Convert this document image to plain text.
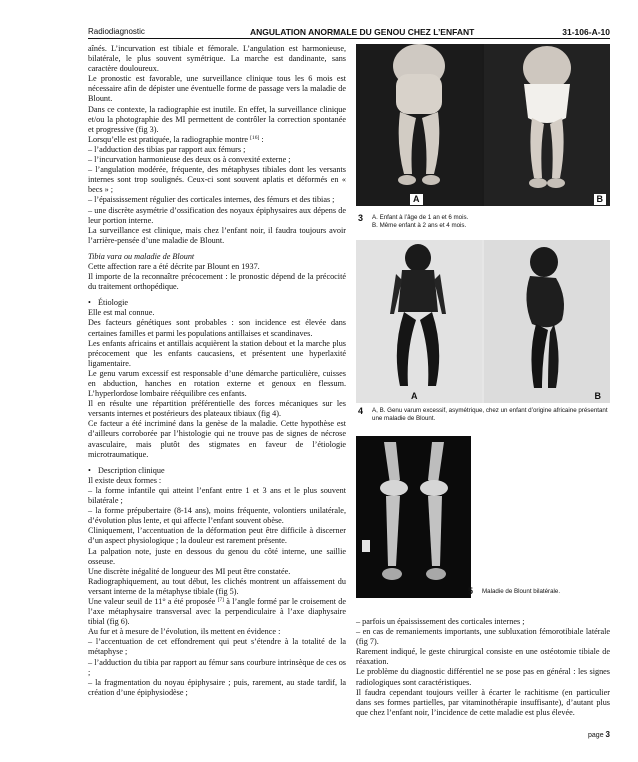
Radiodiagnostic	ANGULATION ANORMALE DU GENOU CHEZ L’ENFANT	31-106-A-10

aînés. L’incurvation est tibiale et fémorale. L’angulation est harmonieuse, bilatérale, le plus souvent symétrique. La marche est dandinante, sans caractère douloureux.

Le pronostic est favorable, une surveillance clinique tous les 6 mois est nécessaire afin de dépister une éventuelle forme de passage vers la maladie de Blount.

Dans ce contexte, la radiographie est inutile. En effet, la surveillance clinique et/ou la photographie des MI permettent de contrôler la correction spontanée et progressive (fig 3).

Lorsqu’elle est pratiquée, la radiographie montre [16] :

– l’adduction des tibias par rapport aux fémurs ;

– l’incurvation harmonieuse des deux os à convexité externe ;

– l’angulation modérée, fréquente, des métaphyses tibiales dont les versants internes sont trop soulignés. Ceux-ci sont souvent aplatis et déformés en « becs » ;

– l’épaississement régulier des corticales internes, des fémurs et des tibias ;

– une discrète asymétrie d’ossification des noyaux épiphysaires aux dépens de leur portion interne.

La surveillance est clinique, mais chez l’enfant noir, il faudra toujours avoir l’arrière-pensée d’une maladie de Blount.

Tibia vara ou maladie de Blount

Cette affection rare a été décrite par Blount en 1937.

Il importe de la reconnaître précocement : le pronostic dépend de la précocité du traitement orthopédique.

• Étiologie

Elle est mal connue.

Des facteurs génétiques sont probables : son incidence est élevée dans certaines familles et parmi les populations antillaises et scandinaves.

Les enfants africains et antillais acquièrent la station debout et la marche plus précocement que les enfants caucasiens, et présentent une hyperlaxité ligamentaire.

Le genu varum excessif est responsable d’une démarche particulière, cuisses en abduction, hanches en rotation externe et genoux en flessum. L’hyperlordose lombaire rééquilibre ces enfants.

Il en résulte une répartition préférentielle des forces mécaniques sur les versants internes et postérieurs des plateaux tibiaux (fig 4).

Ce facteur a été incriminé dans la genèse de la maladie. Cette hypothèse est d’ailleurs corroborée par l’histologie qui ne trouve pas de signes de nécrose avasculaire, mais plutôt des stigmates en faveur de l’étiologie microtraumatique.

• Description clinique

Il existe deux formes :

– la forme infantile qui atteint l’enfant entre 1 et 3 ans et le plus souvent bilatérale ;

– la forme prépubertaire (8-14 ans), moins fréquente, volontiers unilatérale, d’évolution plus lente, et qui affecte l’enfant souvent obèse.

Cliniquement, l’accentuation de la déformation peut être difficile à discerner d’un aspect physiologique ; la douleur est rarement présente.

La palpation note, juste en dessous du genou du côté interne, une saillie osseuse.

Une discrète inégalité de longueur des MI peut être constatée.

Radiographiquement, au tout début, les clichés montrent un affaissement du versant interne de la métaphyse tibiale (fig 5).

Une valeur seuil de 11° a été proposée [7] à l’angle formé par le croisement de l’axe métaphysaire transversal avec la perpendiculaire à l’axe diaphysaire tibial (fig 6).

Au fur et à mesure de l’évolution, ils mettent en évidence :

– l’accentuation de cet effondrement qui peut s’étendre à la totalité de la métaphyse ;

– l’adduction du tibia par rapport au fémur sans courbure intrinsèque de ces os ;

– la fragmentation du noyau épiphysaire ; puis, rarement, au stade tardif, la création d’une épiphysiodèse ;

A	B
3 A. Enfant à l’âge de 1 an et 6 mois.
B. Même enfant à 2 ans et 4 mois.
A	B
4 A, B. Genu varum excessif, asymétrique, chez un enfant d’origine africaine présentant une maladie de Blount.
5 Maladie de Blount bilatérale.

– parfois un épaississement des corticales internes ;

– en cas de remaniements importants, une subluxation fémorotibiale latérale (fig 7).

Rarement indiqué, le geste chirurgical consiste en une ostéotomie tibiale de réaxation.

Le problème du diagnostic différentiel ne se pose pas en général : les signes radiologiques sont caractéristiques.

Il faudra cependant toujours veiller à écarter le rachitisme (en particulier dans ses formes partielles, par vitaminothérapie insuffisante), d’autant plus que chez l’enfant noir, l’incidence de cette maladie est plus élevée.

page 3
